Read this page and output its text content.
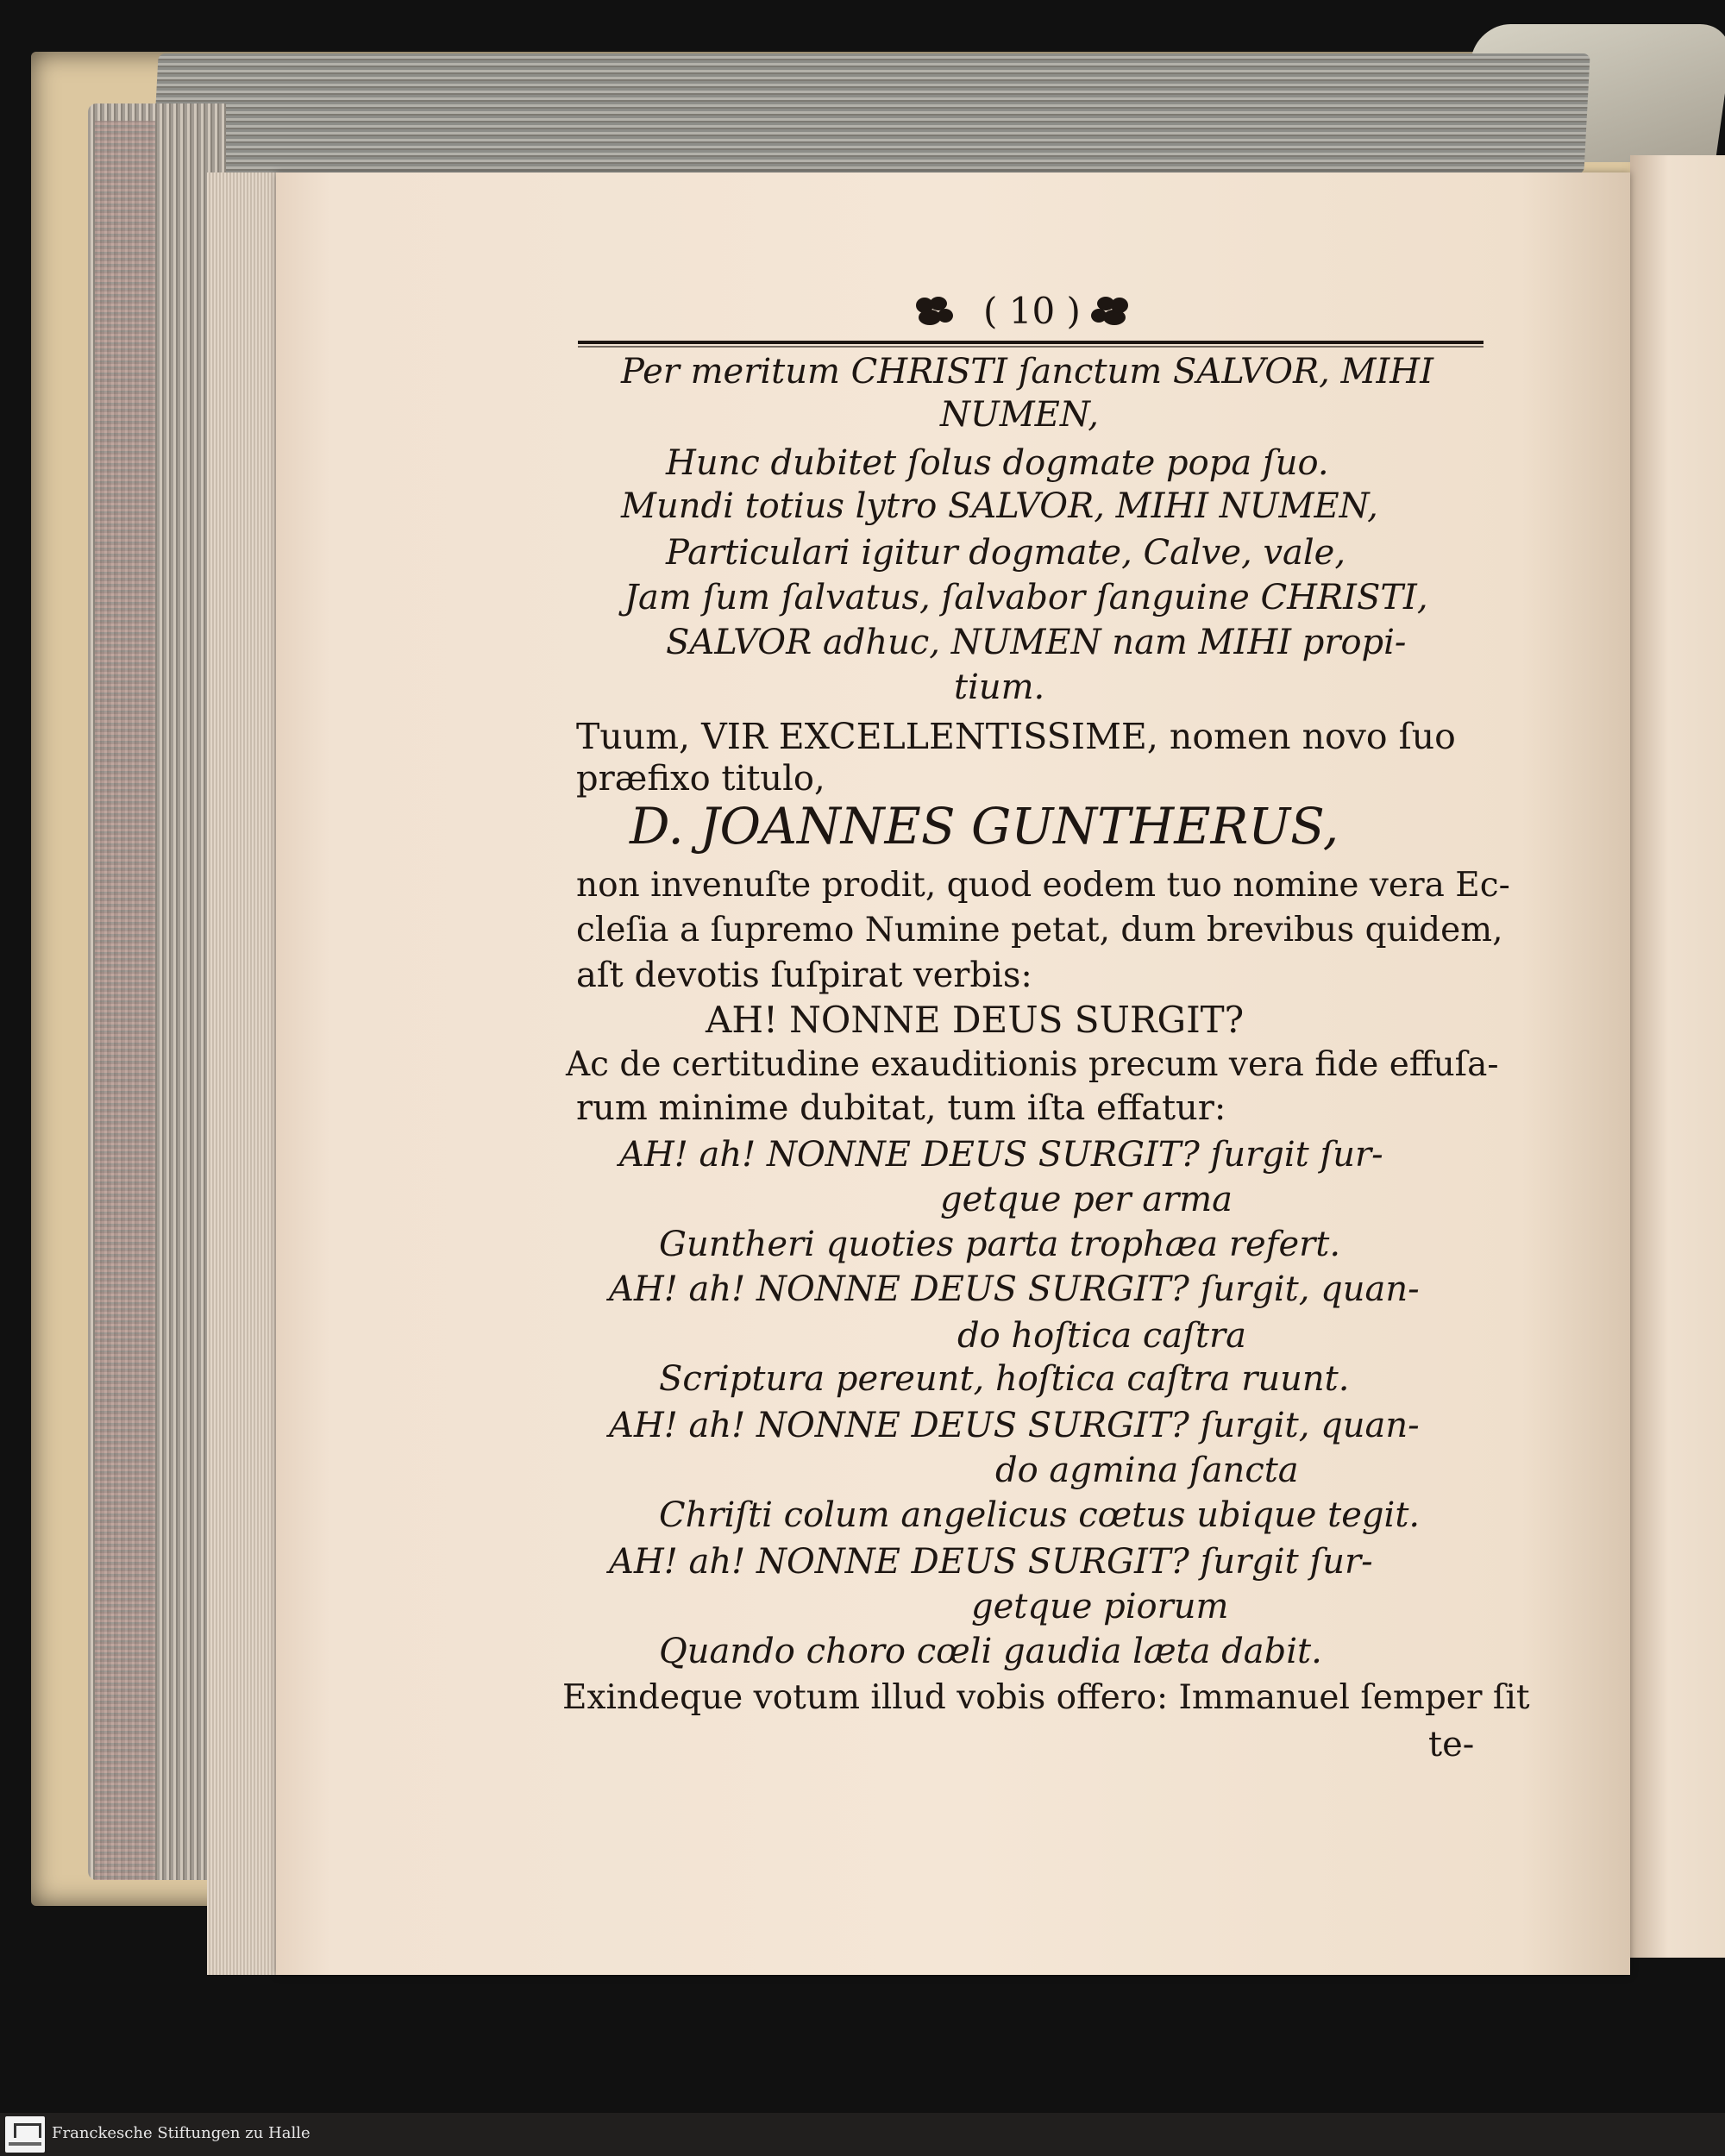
( 10 )
Per meritum CHRISTI ſanctum SALVOR, MIHI
NUMEN,
Hunc dubitet ſolus dogmate popa ſuo.
Mundi totius lytro SALVOR, MIHI NUMEN,
Particulari igitur dogmate, Calve, vale,
Jam ſum ſalvatus, ſalvabor ſanguine CHRISTI,
SALVOR adhuc, NUMEN nam MIHI propi-
tium.
Tuum, VIR EXCELLENTISSIME, nomen novo ſuo
præfixo titulo,
D. JOANNES GUNTHERUS,
non invenuſte prodit, quod eodem tuo nomine vera Ec-
cleſia a ſupremo Numine petat, dum brevibus quidem,
aſt devotis ſuſpirat verbis:
AH! NONNE DEUS SURGIT?
Ac de certitudine exauditionis precum vera fide effuſa-
rum minime dubitat, tum iſta effatur:
AH! ah! NONNE DEUS SURGIT? ſurgit ſur-
getque per arma
Guntheri quoties parta trophæa refert.
AH! ah! NONNE DEUS SURGIT? ſurgit, quan-
do hoſtica caſtra
Scriptura pereunt, hoſtica caſtra ruunt.
AH! ah! NONNE DEUS SURGIT? ſurgit, quan-
do agmina ſancta
Chriſti colum angelicus cœtus ubique tegit.
AH! ah! NONNE DEUS SURGIT? ſurgit ſur-
getque piorum
Quando choro cœli gaudia læta dabit.
Exindeque votum illud vobis offero: Immanuel ſemper ſit
te-
Franckesche Stiftungen zu Halle
